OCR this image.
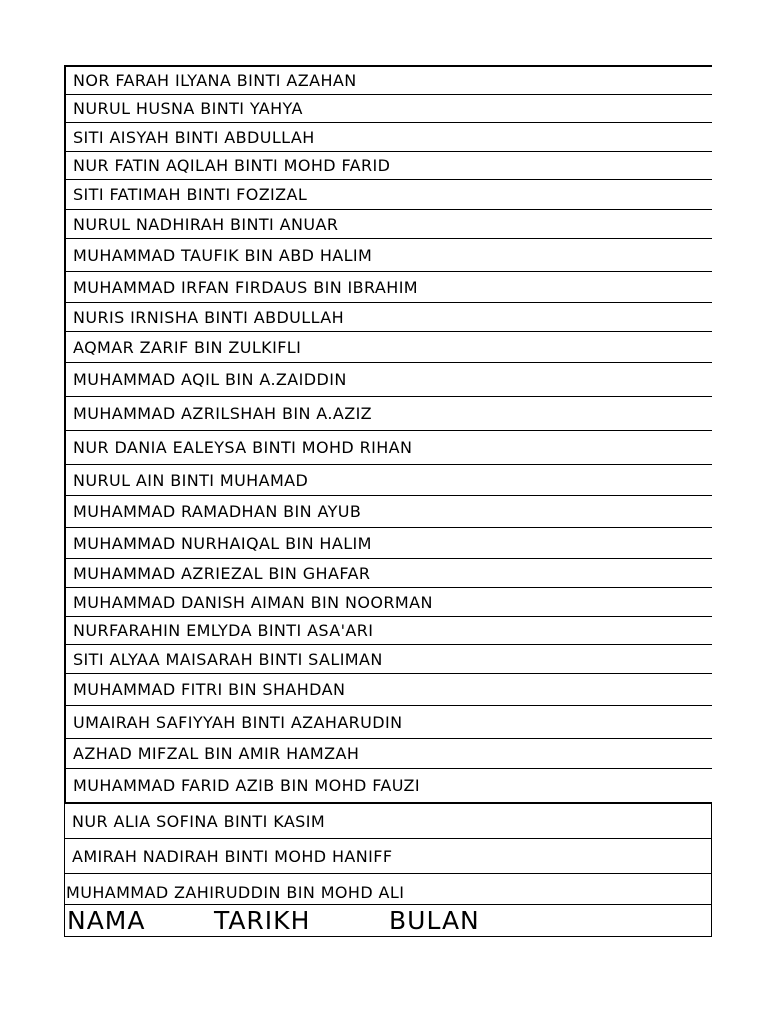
NOR FARAH ILYANA BINTI AZAHAN
NURUL HUSNA BINTI YAHYA
SITI AISYAH BINTI ABDULLAH
NUR FATIN AQILAH BINTI MOHD FARID
SITI FATIMAH BINTI FOZIZAL
NURUL NADHIRAH BINTI ANUAR
MUHAMMAD TAUFIK BIN ABD HALIM
MUHAMMAD IRFAN FIRDAUS BIN IBRAHIM
NURIS IRNISHA BINTI ABDULLAH
AQMAR ZARIF BIN ZULKIFLI
MUHAMMAD AQIL BIN A.ZAIDDIN
MUHAMMAD AZRILSHAH BIN A.AZIZ
NUR DANIA EALEYSA BINTI MOHD RIHAN
NURUL AIN BINTI MUHAMAD
MUHAMMAD RAMADHAN BIN AYUB
MUHAMMAD NURHAIQAL BIN HALIM
MUHAMMAD AZRIEZAL BIN GHAFAR
MUHAMMAD DANISH AIMAN BIN NOORMAN
NURFARAHIN EMLYDA BINTI ASA'ARI
SITI ALYAA MAISARAH BINTI SALIMAN
MUHAMMAD FITRI BIN SHAHDAN
UMAIRAH SAFIYYAH BINTI AZAHARUDIN
AZHAD MIFZAL BIN AMIR HAMZAH
MUHAMMAD FARID AZIB BIN MOHD FAUZI
NUR ALIA SOFINA BINTI KASIM
AMIRAH NADIRAH BINTI MOHD HANIFF
MUHAMMAD ZAHIRUDDIN BIN MOHD ALI
NAMA	TARIKH	BULAN
